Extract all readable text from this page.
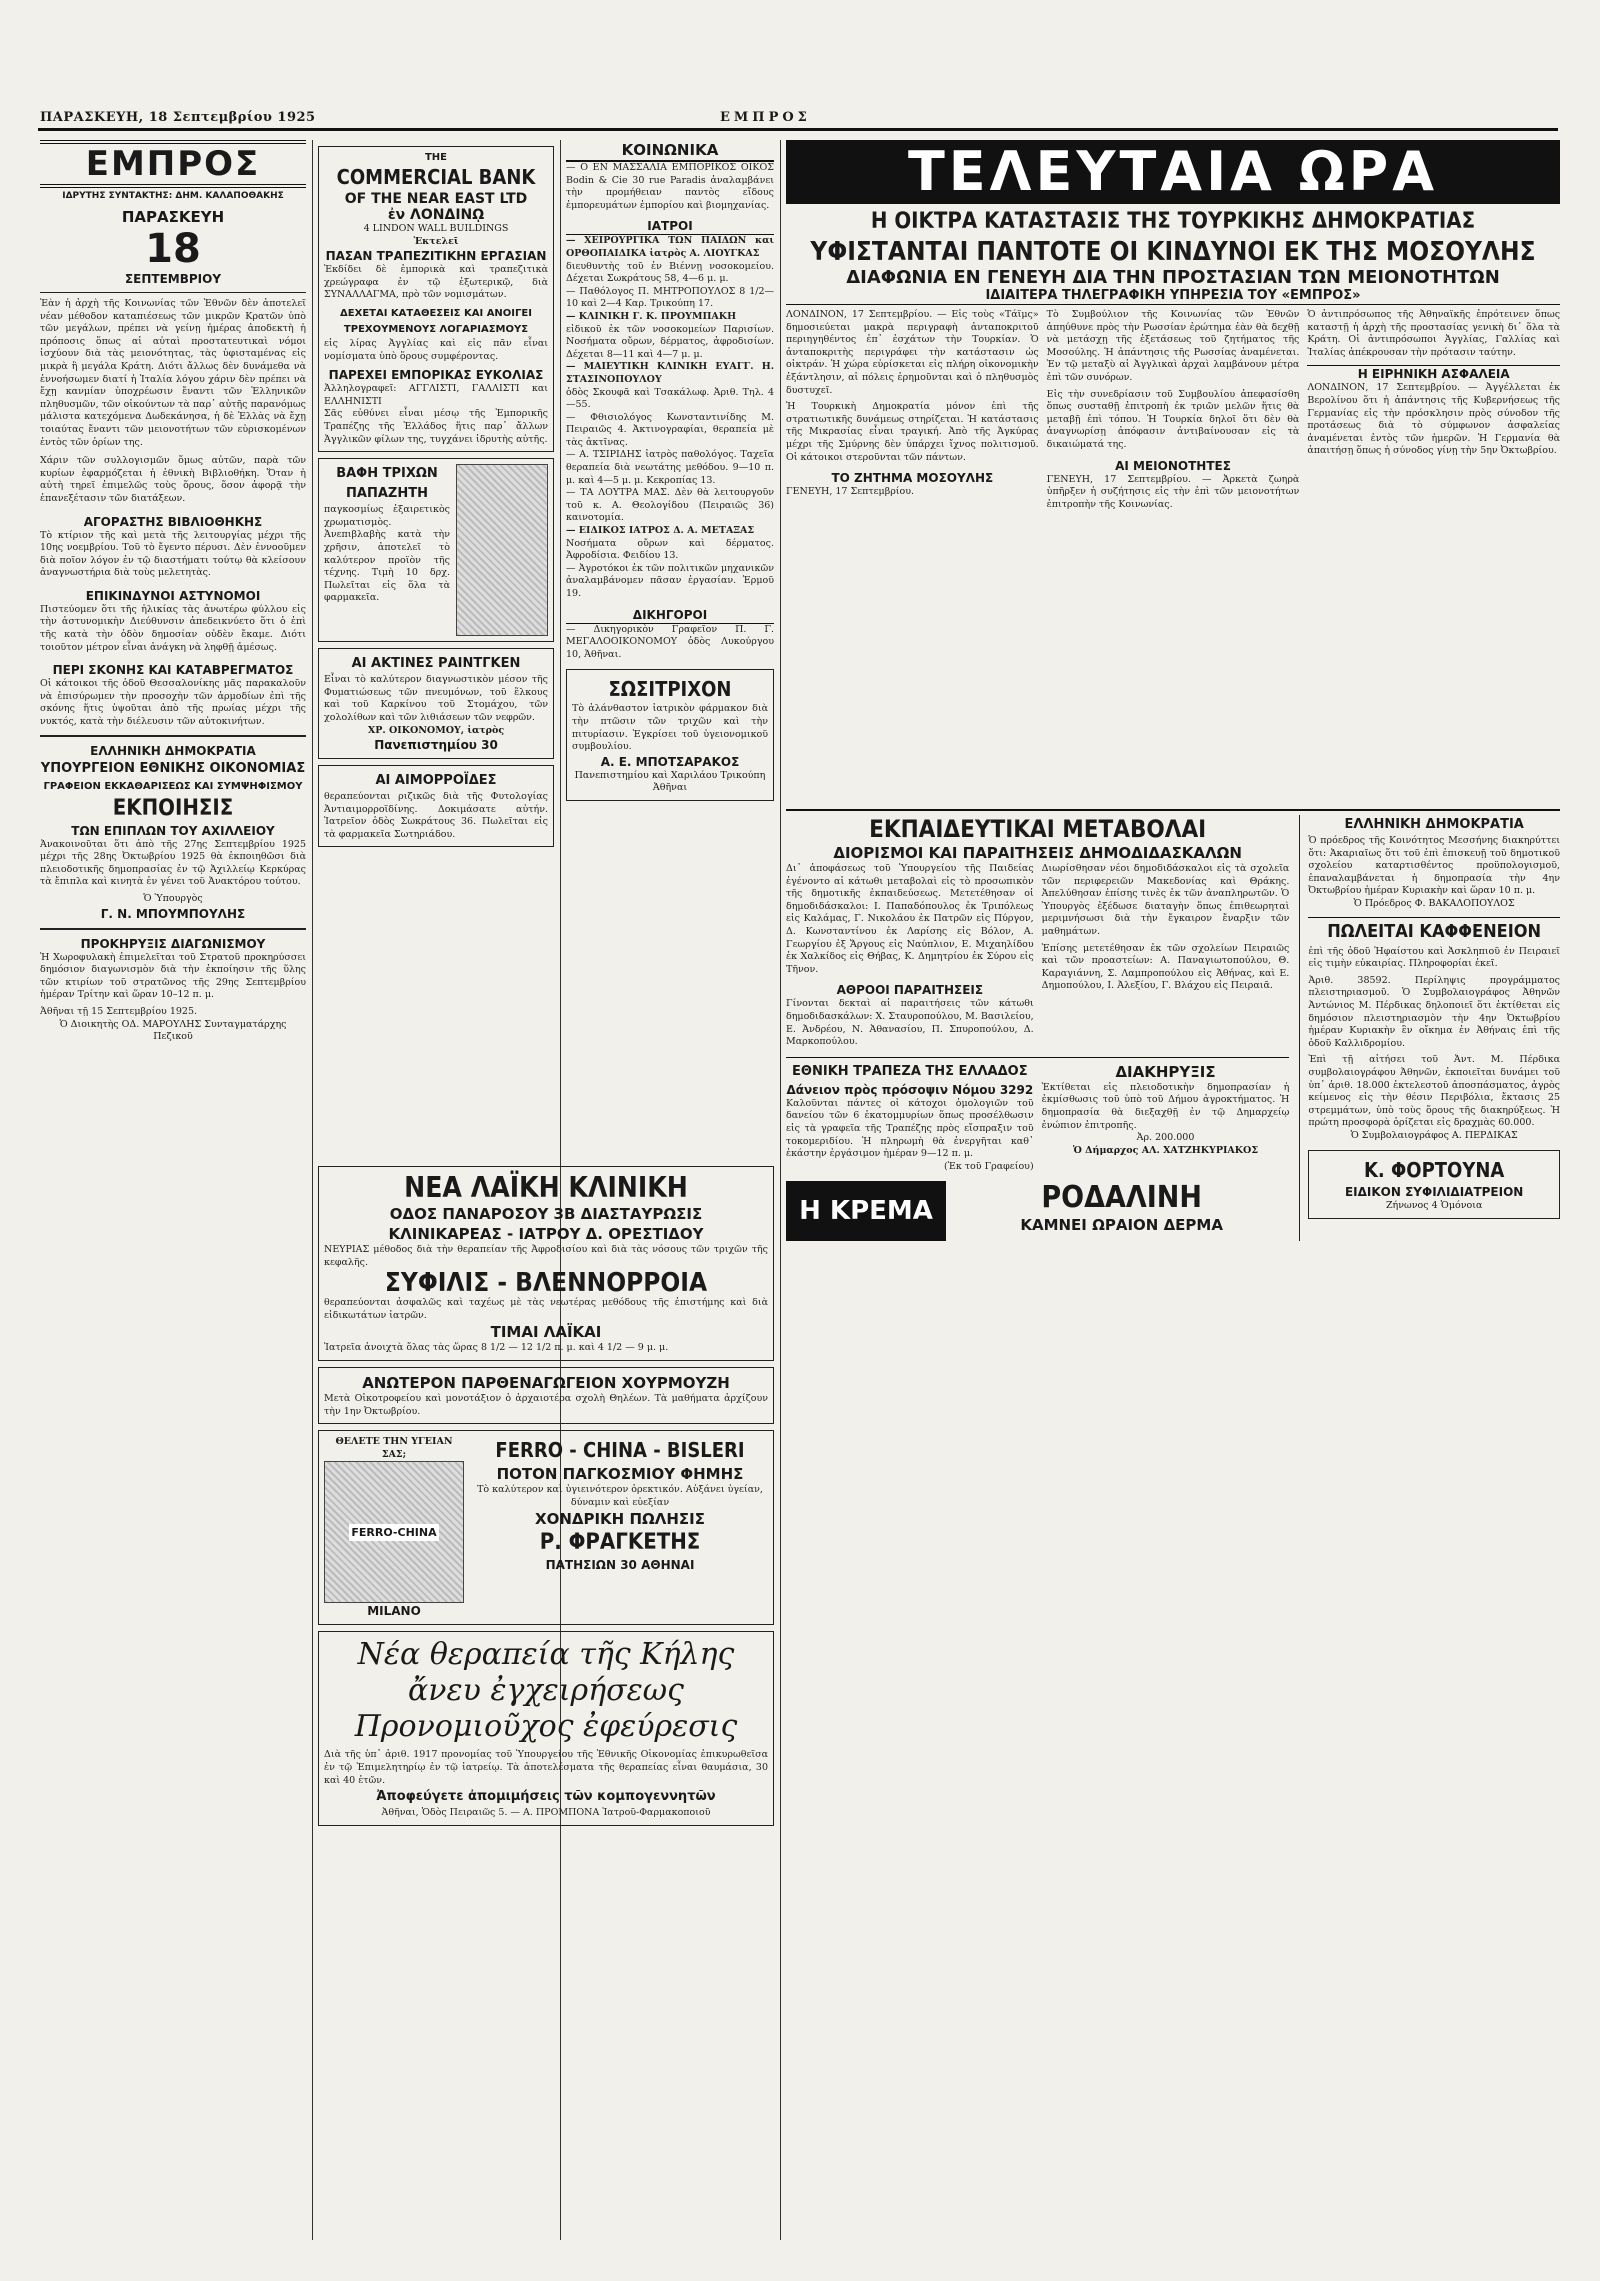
ΠΑΡΑΣΚΕΥΗ, 18 Σεπτεμβρίου 1925	ΕΜΠΡΟΣ
ΕΜΠΡΟΣ
ΙΔΡΥΤΗΣ ΣΥΝΤΑΚΤΗΣ: ΔΗΜ. ΚΑΛΑΠΟΘΑΚΗΣ
ΠΑΡΑΣΚΕΥΗ
18
ΣΕΠΤΕΜΒΡΙΟΥ
Ἐὰν ἡ ἀρχὴ τῆς Κοινωνίας τῶν Ἐθνῶν δὲν ἀποτελεῖ νέαν μέθοδον καταπιέσεως τῶν μικρῶν Κρατῶν ὑπὸ τῶν μεγάλων, πρέπει νὰ γείνῃ ἡμέρας ἀποδεκτὴ ἡ πρόποσις ὅπως αἱ αὐταὶ προστατευτικαὶ νόμοι ἰσχύουν διὰ τὰς μειονότητας, τὰς ὑφισταμένας εἰς μικρὰ ἢ μεγάλα Κράτη. Διότι ἄλλως δὲν δυνάμεθα νὰ ἐννοήσωμεν διατί ἡ Ἰταλία λόγου χάριν δὲν πρέπει νὰ ἔχῃ κανμίαν ὑποχρέωσιν ἔναντι τῶν Ἑλληνικῶν πληθυσμῶν, τῶν οἰκούντων τὰ παρ᾽ αὐτῆς παρανόμως μάλιστα κατεχόμενα Δωδεκάνησα, ἡ δὲ Ἑλλὰς νὰ ἔχῃ τοιαύτας ἔναντι τῶν μειονοτήτων τῶν εὑρισκομένων ἐντὸς τῶν ὁρίων της.
Χάριν τῶν συλλογισμῶν ὅμως αὐτῶν, παρὰ τῶν κυρίων ἐφαρμόζεται ἡ ἐθνικὴ Βιβλιοθήκη. Ὅταν ἡ αὐτὴ τηρεῖ ἐπιμελῶς τοὺς ὅρους, ὅσον ἀφορᾷ τὴν ἐπανεξέτασιν τῶν διατάξεων.
ΑΓΟΡΑΣΤΗΣ ΒΙΒΛΙΟΘΗΚΗΣ
Τὸ κτίριον τῆς καὶ μετὰ τῆς λειτουργίας μέχρι τῆς 10ης νοεμβρίου. Τοῦ τὸ ἔγεντο πέρυσι. Δὲν ἐννοοῦμεν διὰ ποῖον λόγον ἐν τῷ διαστήματι τούτῳ θὰ κλείσουν ἀναγνωστήρια διὰ τοὺς μελετητὰς.
ΕΠΙΚΙΝΔΥΝΟΙ ΑΣΤΥΝΟΜΟΙ
Πιστεύομεν ὅτι τῆς ἡλικίας τὰς ἀνωτέρω φύλλου εἰς τὴν ἀστυνομικὴν Διεύθυνσιν ἀπεδεικνύετο ὅτι ὁ ἐπὶ τῆς κατὰ τὴν ὁδὸν δημοσίαν οὐδὲν ἔκαμε. Διότι τοιοῦτον μέτρον εἶναι ἀνάγκη νὰ ληφθῇ ἀμέσως.
ΠΕΡΙ ΣΚΟΝΗΣ ΚΑΙ ΚΑΤΑΒΡΕΓΜΑΤΟΣ
Οἱ κάτοικοι τῆς ὁδοῦ Θεσσαλονίκης μᾶς παρακαλοῦν νὰ ἐπισύρωμεν τὴν προσοχὴν τῶν ἁρμοδίων ἐπὶ τῆς σκόνης ἥτις ὑψοῦται ἀπὸ τῆς πρωίας μέχρι τῆς νυκτός, κατὰ τὴν διέλευσιν τῶν αὐτοκινήτων.
ΕΛΛΗΝΙΚΗ ΔΗΜΟΚΡΑΤΙΑ
ΥΠΟΥΡΓΕΙΟΝ ΕΘΝΙΚΗΣ ΟΙΚΟΝΟΜΙΑΣ
ΓΡΑΦΕΙΟΝ ΕΚΚΑΘΑΡΙΣΕΩΣ ΚΑΙ ΣΥΜΨΗΦΙΣΜΟΥ
ΕΚΠΟΙΗΣΙΣ
ΤΩΝ ΕΠΙΠΛΩΝ ΤΟΥ ΑΧΙΛΛΕΙΟΥ
Ἀνακοινοῦται ὅτι ἀπὸ τῆς 27ης Σεπτεμβρίου 1925 μέχρι τῆς 28ης Ὀκτωβρίου 1925 θὰ ἐκποιηθῶσι διὰ πλειοδοτικῆς δημοπρασίας ἐν τῷ Ἀχιλλείῳ Κερκύρας τὰ ἔπιπλα καὶ κινητὰ ἐν γένει τοῦ Ἀνακτόρου τούτου.
Ὁ Ὑπουργὸς
Γ. Ν. ΜΠΟΥΜΠΟΥΛΗΣ
ΠΡΟΚΗΡΥΞΙΣ ΔΙΑΓΩΝΙΣΜΟΥ
Ἡ Χωροφυλακὴ ἐπιμελεῖται τοῦ Στρατοῦ προκηρύσσει δημόσιον διαγωνισμὸν διὰ τὴν ἐκποίησιν τῆς ὕλης τῶν κτιρίων τοῦ στρατῶνος τῆς 29ης Σεπτεμβρίου ἡμέραν Τρίτην καὶ ὥραν 10–12 π. μ.
Ἀθῆναι τῇ 15 Σεπτεμβρίου 1925.
Ὁ Διοικητὴς ΟΔ. ΜΑΡΟΥΛΗΣ Συνταγματάρχης Πεζικοῦ
THE
COMMERCIAL BANK
OF THE NEAR EAST LTD
ἐν ΛΟΝΔΙΝῼ
4 LINDON WALL BUILDINGS
Ἐκτελεῖ
ΠΑΣΑΝ ΤΡΑΠΕΖΙΤΙΚΗΝ ΕΡΓΑΣΙΑΝ
Ἐκδίδει δὲ ἐμπορικὰ καὶ τραπεζιτικὰ χρεώγραφα ἐν τῷ ἐξωτερικῷ, διὰ ΣΥΝΑΛΛΑΓΜΑ, πρὸ τῶν νομισμάτων.
ΔΕΧΕΤΑΙ ΚΑΤΑΘΕΣΕΙΣ ΚΑΙ ΑΝΟΙΓΕΙ ΤΡΕΧΟΥΜΕΝΟΥΣ ΛΟΓΑΡΙΑΣΜΟΥΣ
εἰς λίρας Ἀγγλίας καὶ εἰς πᾶν εἶναι νομίσματα ὑπὸ ὅρους συμφέροντας.
ΠΑΡΕΧΕΙ ΕΜΠΟΡΙΚΑΣ ΕΥΚΟΛΙΑΣ
Ἀλληλογραφεῖ: ΑΓΓΛΙΣΤΙ, ΓΑΛΛΙΣΤΙ και ΕΛΛΗΝΙΣΤΙ
Σᾶς εὐθύνει εἶναι μέσῳ τῆς Ἐμπορικῆς Τραπέζης τῆς Ἑλλάδος ἥτις παρ᾽ ἄλλων Ἀγγλικῶν φίλων της, τυγχάνει ἰδρυτὴς αὐτῆς.
ΒΑΦΗ ΤΡΙΧΩΝ ΠΑΠΑΖΗΤΗ
παγκοσμίως ἐξαιρετικὸς χρωματισμὸς. Ἀνεπιβλαβὴς κατὰ τὴν χρῆσιν, ἀποτελεῖ τὸ καλύτερον προϊὸν τῆς τέχνης. Τιμὴ 10 δρχ. Πωλεῖται εἰς ὅλα τὰ φαρμακεῖα.
ΑΙ ΑΚΤΙΝΕΣ ΡΑΙΝΤΓΚΕΝ
Εἶναι τὸ καλύτερον διαγνωστικὸν μέσον τῆς Φυματιώσεως τῶν πνευμόνων, τοῦ ἕλκους καὶ τοῦ Καρκίνου τοῦ Στομάχου, τῶν χολολίθων καὶ τῶν λιθιάσεων τῶν νεφρῶν.
ΧΡ. ΟΙΚΟΝΟΜΟΥ, ἰατρὸς
Πανεπιστημίου 30
ΑΙ ΑΙΜΟΡΡΟΪΔΕΣ
θεραπεύονται ριζικῶς διὰ τῆς Φυτολογίας Ἀντιαιμορροϊδίνης. Δοκιμάσατε αὐτήν. Ἰατρεῖον ὁδὸς Σωκράτους 36. Πωλεῖται εἰς τὰ φαρμακεῖα Σωτηριάδου.
ΚΟΙΝΩΝΙΚΑ
— Ο ΕΝ ΜΑΣΣΑΛΙΑ ΕΜΠΟΡΙΚΟΣ ΟΙΚΟΣ Bodin & Cie 30 rue Paradis ἀναλαμβάνει τὴν προμήθειαν παντὸς εἴδους ἐμπορευμάτων ἐμπορίου καὶ βιομηχανίας.
ΙΑΤΡΟΙ
— ΧΕΙΡΟΥΡΓΙΚΑ ΤΩΝ ΠΑΙΔΩΝ και ΟΡΘΟΠΑΙΔΙΚΑ ἰατρὸς Α. ΛΙΟΥΓΚΑΣ
διευθυντὴς τοῦ ἐν Βιέννῃ νοσοκομείου. Δέχεται Σωκράτους 58, 4—6 μ. μ.
— Παθόλογος Π. ΜΗΤΡΟΠΟΥΛΟΣ 8 1/2—10 καὶ 2—4 Καρ. Τρικούπη 17.
— ΚΛΙΝΙΚΗ Γ. Κ. ΠΡΟΥΜΠΑΚΗ
εἰδικοῦ ἐκ τῶν νοσοκομείων Παρισίων. Νοσήματα οὔρων, δέρματος, ἀφροδισίων. Δέχεται 8—11 καὶ 4—7 μ. μ.
— ΜΑΙΕΥΤΙΚΗ ΚΛΙΝΙΚΗ ΕΥΑΓΓ. Η. ΣΤΑΣΙΝΟΠΟΥΛΟΥ
ὁδὸς Σκουφᾶ καὶ Τσακάλωφ. Ἀριθ. Τηλ. 4—55.
— Φθισιολόγος Κωνσταντινίδης Μ. Πειραιῶς 4. Ἀκτινογραφίαι, θεραπεία μὲ τὰς ἀκτῖνας.
— Α. ΤΣΙΡΙΔΗΣ ἰατρὸς παθολόγος. Ταχεῖα θεραπεία διὰ νεωτάτης μεθόδου. 9—10 π. μ. καὶ 4—5 μ. μ. Κεκροπίας 13.
— ΤΑ ΛΟΥΤΡΑ ΜΑΣ. Δὲν θὰ λειτουργοῦν τοῦ κ. Α. Θεολογίδου (Πειραιῶς 36) καινοτομία.
— ΕΙΔΙΚΟΣ ΙΑΤΡΟΣ Δ. Α. ΜΕΤΑΞΑΣ
Νοσήματα οὔρων καὶ δέρματος. Ἀφροδίσια. Φειδίου 13.
— Ἀγροτόκοι ἐκ τῶν πολιτικῶν μηχανικῶν ἀναλαμβάνομεν πᾶσαν ἐργασίαν. Ἑρμοῦ 19.
ΔΙΚΗΓΟΡΟΙ
— Δικηγορικὸν Γραφεῖον Π. Γ. ΜΕΓΑΛΟΟΙΚΟΝΟΜΟΥ ὁδὸς Λυκούργου 10, Ἀθῆναι.
ΣΩΣΙΤΡΙΧΟΝ
Τὸ ἀλάνθαστον ἰατρικὸν φάρμακον διὰ τὴν πτῶσιν τῶν τριχῶν καὶ τὴν πιτυρίασιν. Ἐγκρίσει τοῦ ὑγειονομικοῦ συμβουλίου.
Α. Ε. ΜΠΟΤΣΑΡΑΚΟΣ
Πανεπιστημίου καὶ Χαριλάου Τρικούπη Ἀθῆναι
ΝΕΑ ΛΑΪΚΗ ΚΛΙΝΙΚΗ
ΟΔΟΣ ΠΑΝΑΡΟΣΟΥ 3Β ΔΙΑΣΤΑΥΡΩΣΙΣ
ΚΛΙΝΙΚΑΡΕΑΣ - ΙΑΤΡΟΥ Δ. ΟΡΕΣΤΙΔΟΥ
ΝΕΥΡΙΑΣ μέθοδος διὰ τὴν θεραπείαν τῆς Ἀφροδισίου καὶ διὰ τὰς νόσους τῶν τριχῶν τῆς κεφαλῆς.
ΣΥΦΙΛΙΣ - ΒΛΕΝΝΟΡΡΟΙΑ
θεραπεύονται ἀσφαλῶς καὶ ταχέως μὲ τὰς νεωτέρας μεθόδους τῆς ἐπιστήμης καὶ διὰ εἰδικωτάτων ἰατρῶν.
ΤΙΜΑΙ ΛΑΪΚΑΙ
Ἰατρεῖα ἀνοιχτὰ ὅλας τὰς ὥρας 8 1/2 — 12 1/2 π. μ. καὶ 4 1/2 — 9 μ. μ.
ΑΝΩΤΕΡΟΝ ΠΑΡΘΕΝΑΓΩΓΕΙΟΝ ΧΟΥΡΜΟΥΖΗ
Μετὰ Οἰκοτροφείου καὶ μονοτάξιον ὁ ἀρχαιοτέρα σχολὴ Θηλέων. Τὰ μαθήματα ἀρχίζουν τὴν 1ην Ὀκτωβρίου.
ΘΕΛΕΤΕ ΤΗΝ ΥΓΕΙΑΝ ΣΑΣ;
FERRO-CHINA
MILANO
FERRO - CHINA - BISLERI
ΠΟΤΟΝ ΠΑΓΚΟΣΜΙΟΥ ΦΗΜΗΣ
Τὸ καλύτερον καὶ ὑγιεινότερον ὀρεκτικόν. Αὐξάνει ὑγείαν, δύναμιν καὶ εὐεξίαν
ΧΟΝΔΡΙΚΗ ΠΩΛΗΣΙΣ
Ρ. ΦΡΑΓΚΕΤΗΣ
ΠΑΤΗΣΙΩΝ 30 ΑΘΗΝΑΙ
Νέα θεραπεία τῆς Κήλης
ἄνευ ἐγχειρήσεως
Προνομιοῦχος ἐφεύρεσις
Διὰ τῆς ὑπ᾽ ἀριθ. 1917 προνομίας τοῦ Ὑπουργείου τῆς Ἐθνικῆς Οἰκονομίας ἐπικυρωθεῖσα ἐν τῷ Ἐπιμελητηρίῳ ἐν τῷ ἰατρείῳ. Τὰ ἀποτελέσματα τῆς θεραπείας εἶναι θαυμάσια, 30 καὶ 40 ἐτῶν.
Ἀποφεύγετε ἀπομιμήσεις τῶν κομπογεννητῶν
Ἀθῆναι, Ὁδὸς Πειραιῶς 5. — Α. ΠΡΟΜΠΟΝΑ Ἰατροῦ-Φαρμακοποιοῦ
ΤΕΛΕΥΤΑΙΑ ΩΡΑ
Η ΟΙΚΤΡΑ ΚΑΤΑΣΤΑΣΙΣ ΤΗΣ ΤΟΥΡΚΙΚΗΣ ΔΗΜΟΚΡΑΤΙΑΣ
ΥΦΙΣΤΑΝΤΑΙ ΠΑΝΤΟΤΕ ΟΙ ΚΙΝΔΥΝΟΙ ΕΚ ΤΗΣ ΜΟΣΟΥΛΗΣ
ΔΙΑΦΩΝΙΑ ΕΝ ΓΕΝΕΥΗ ΔΙΑ ΤΗΝ ΠΡΟΣΤΑΣΙΑΝ ΤΩΝ ΜΕΙΟΝΟΤΗΤΩΝ
ΙΔΙΑΙΤΕΡΑ ΤΗΛΕΓΡΑΦΙΚΗ ΥΠΗΡΕΣΙΑ ΤΟΥ «ΕΜΠΡΟΣ»
ΛΟΝΔΙΝΟΝ, 17 Σεπτεμβρίου. — Εἰς τοὺς «Τάϊμς» δημοσιεύεται μακρὰ περιγραφὴ ἀνταποκριτοῦ περιηγηθέντος ἐπ᾽ ἐσχάτων τὴν Τουρκίαν. Ὁ ἀνταποκριτὴς περιγράφει τὴν κατάστασιν ὡς οἰκτράν. Ἡ χώρα εὑρίσκεται εἰς πλήρη οἰκονομικὴν ἐξάντλησιν, αἱ πόλεις ἐρημοῦνται καὶ ὁ πληθυσμὸς δυστυχεῖ.
Ἡ Τουρκικὴ Δημοκρατία μόνον ἐπὶ τῆς στρατιωτικῆς δυνάμεως στηρίζεται. Ἡ κατάστασις τῆς Μικρασίας εἶναι τραγική. Ἀπὸ τῆς Ἀγκύρας μέχρι τῆς Σμύρνης δὲν ὑπάρχει ἴχνος πολιτισμοῦ. Οἱ κάτοικοι στεροῦνται τῶν πάντων.
ΤΟ ΖΗΤΗΜΑ ΜΟΣΟΥΛΗΣ
ΓΕΝΕΥΗ, 17 Σεπτεμβρίου.
Τὸ Συμβούλιον τῆς Κοινωνίας τῶν Ἐθνῶν ἀπηύθυνε πρὸς τὴν Ρωσσίαν ἐρώτημα ἐὰν θὰ δεχθῇ νὰ μετάσχῃ τῆς ἐξετάσεως τοῦ ζητήματος τῆς Μοσούλης. Ἡ ἀπάντησις τῆς Ρωσσίας ἀναμένεται. Ἐν τῷ μεταξὺ αἱ Ἀγγλικαὶ ἀρχαὶ λαμβάνουν μέτρα ἐπὶ τῶν συνόρων.
Εἰς τὴν συνεδρίασιν τοῦ Συμβουλίου ἀπεφασίσθη ὅπως συσταθῇ ἐπιτροπὴ ἐκ τριῶν μελῶν ἥτις θὰ μεταβῇ ἐπὶ τόπου. Ἡ Τουρκία δηλοῖ ὅτι δὲν θὰ ἀναγνωρίσῃ ἀπόφασιν ἀντιβαίνουσαν εἰς τὰ δικαιώματά της.
ΑΙ ΜΕΙΟΝΟΤΗΤΕΣ
ΓΕΝΕΥΗ, 17 Σεπτεμβρίου. — Ἀρκετὰ ζωηρὰ ὑπῆρξεν ἡ συζήτησις εἰς τὴν ἐπὶ τῶν μειονοτήτων ἐπιτροπὴν τῆς Κοινωνίας.
Ὁ ἀντιπρόσωπος τῆς Ἀθηναϊκῆς ἐπρότεινεν ὅπως καταστῇ ἡ ἀρχὴ τῆς προστασίας γενικὴ δι᾽ ὅλα τὰ Κράτη. Οἱ ἀντιπρόσωποι Ἀγγλίας, Γαλλίας καὶ Ἰταλίας ἀπέκρουσαν τὴν πρότασιν ταύτην.
Η ΕΙΡΗΝΙΚΗ ΑΣΦΑΛΕΙΑ
ΛΟΝΔΙΝΟΝ, 17 Σεπτεμβρίου. — Ἀγγέλλεται ἐκ Βερολίνου ὅτι ἡ ἀπάντησις τῆς Κυβερνήσεως τῆς Γερμανίας εἰς τὴν πρόσκλησιν πρὸς σύνοδον τῆς προτάσεως διὰ τὸ σύμφωνον ἀσφαλείας ἀναμένεται ἐντὸς τῶν ἡμερῶν. Ἡ Γερμανία θὰ ἀπαιτήσῃ ὅπως ἡ σύνοδος γίνῃ τὴν 5ην Ὀκτωβρίου.
ΕΚΠΑΙΔΕΥΤΙΚΑΙ ΜΕΤΑΒΟΛΑΙ
ΔΙΟΡΙΣΜΟΙ ΚΑΙ ΠΑΡΑΙΤΗΣΕΙΣ ΔΗΜΟΔΙΔΑΣΚΑΛΩΝ
Δι᾽ ἀποφάσεως τοῦ Ὑπουργείου τῆς Παιδείας ἐγένοντο αἱ κάτωθι μεταβολαὶ εἰς τὸ προσωπικὸν τῆς δημοτικῆς ἐκπαιδεύσεως. Μετετέθησαν οἱ δημοδιδάσκαλοι: Ι. Παπαδόπουλος ἐκ Τριπόλεως εἰς Καλάμας, Γ. Νικολάου ἐκ Πατρῶν εἰς Πύργον, Δ. Κωνσταντίνου ἐκ Λαρίσης εἰς Βόλον, Α. Γεωργίου ἐξ Ἄργους εἰς Ναύπλιον, Ε. Μιχαηλίδου ἐκ Χαλκίδος εἰς Θήβας, Κ. Δημητρίου ἐκ Σύρου εἰς Τῆνον.
ΑΘΡΟΟΙ ΠΑΡΑΙΤΗΣΕΙΣ
Γίνονται δεκταὶ αἱ παραιτήσεις τῶν κάτωθι δημοδιδασκάλων: Χ. Σταυροπούλου, Μ. Βασιλείου, Ε. Ἀνδρέου, Ν. Ἀθανασίου, Π. Σπυροπούλου, Δ. Μαρκοπούλου.
Διωρίσθησαν νέοι δημοδιδάσκαλοι εἰς τὰ σχολεῖα τῶν περιφερειῶν Μακεδονίας καὶ Θράκης. Ἀπελύθησαν ἐπίσης τινὲς ἐκ τῶν ἀναπληρωτῶν. Ὁ Ὑπουργὸς ἐξέδωσε διαταγὴν ὅπως ἐπιθεωρηταὶ μεριμνήσωσι διὰ τὴν ἔγκαιρον ἔναρξιν τῶν μαθημάτων.
Ἐπίσης μετετέθησαν ἐκ τῶν σχολείων Πειραιῶς καὶ τῶν προαστείων: Α. Παναγιωτοπούλου, Θ. Καραγιάννη, Σ. Λαμπροπούλου εἰς Ἀθήνας, καὶ Ε. Δημοπούλου, Ι. Ἀλεξίου, Γ. Βλάχου εἰς Πειραιᾶ.
ΕΘΝΙΚΗ ΤΡΑΠΕΖΑ ΤΗΣ ΕΛΛΑΔΟΣ
Δάνειον πρὸς πρόσοψιν Νόμου 3292
Καλοῦνται πάντες οἱ κάτοχοι ὁμολογιῶν τοῦ δανείου τῶν 6 ἑκατομμυρίων ὅπως προσέλθωσιν εἰς τὰ γραφεῖα τῆς Τραπέζης πρὸς εἴσπραξιν τοῦ τοκομεριδίου. Ἡ πληρωμὴ θὰ ἐνεργῆται καθ᾽ ἑκάστην ἐργάσιμον ἡμέραν 9—12 π. μ.
(Ἐκ τοῦ Γραφείου)
ΔΙΑΚΗΡΥΞΙΣ
Ἐκτίθεται εἰς πλειοδοτικὴν δημοπρασίαν ἡ ἐκμίσθωσις τοῦ ὑπὸ τοῦ Δήμου ἀγροκτήματος. Ἡ δημοπρασία θὰ διεξαχθῇ ἐν τῷ Δημαρχείῳ ἐνώπιον ἐπιτροπῆς.
Ἀρ. 200.000
Ὁ Δήμαρχος ΑΛ. ΧΑΤΖΗΚΥΡΙΑΚΟΣ
Η ΚΡΕΜΑ	ΡΟΔΑΛΙΝΗ
ΚΑΜΝΕΙ ΩΡΑΙΟΝ ΔΕΡΜΑ
ΕΛΛΗΝΙΚΗ ΔΗΜΟΚΡΑΤΙΑ
Ὁ πρόεδρος τῆς Κοινότητος Μεσσήνης διακηρύττει ὅτι: Ἀκαριαῖως ὅτι τοῦ ἐπὶ ἐπισκευῇ τοῦ δημοτικοῦ σχολείου καταρτισθέντος προϋπολογισμοῦ, ἐπαναλαμβάνεται ἡ δημοπρασία τὴν 4ην Ὀκτωβρίου ἡμέραν Κυριακὴν καὶ ὥραν 10 π. μ.
Ὁ Πρόεδρος Φ. ΒΑΚΑΛΟΠΟΥΛΟΣ
ΠΩΛΕΙΤΑΙ ΚΑΦΦΕΝΕΙΟΝ
ἐπὶ τῆς ὁδοῦ Ἡφαίστου καὶ Ἀσκληπιοῦ ἐν Πειραιεῖ εἰς τιμὴν εὐκαιρίας. Πληροφορίαι ἐκεῖ.
Ἀριθ. 38592. Περίληψις προγράμματος πλειστηριασμοῦ. Ὁ Συμβολαιογράφος Ἀθηνῶν Ἀντώνιος Μ. Πέρδικας δηλοποιεῖ ὅτι ἐκτίθεται εἰς δημόσιον πλειστηριασμὸν τὴν 4ην Ὀκτωβρίου ἡμέραν Κυριακὴν ἓν οἴκημα ἐν Ἀθήναις ἐπὶ τῆς ὁδοῦ Καλλιδρομίου.
Ἐπὶ τῇ αἰτήσει τοῦ Ἀντ. Μ. Πέρδικα συμβολαιογράφου Ἀθηνῶν, ἐκποιεῖται δυνάμει τοῦ ὑπ᾽ ἀριθ. 18.000 ἐκτελεστοῦ ἀποσπάσματος, ἀγρὸς κείμενος εἰς τὴν θέσιν Περιβόλια, ἔκτασις 25 στρεμμάτων, ὑπὸ τοὺς ὅρους τῆς διακηρύξεως. Ἡ πρώτη προσφορὰ ὁρίζεται εἰς δραχμὰς 60.000.
Ὁ Συμβολαιογράφος Α. ΠΕΡΔΙΚΑΣ
Κ. ΦΟΡΤΟΥΝΑ
ΕΙΔΙΚΟΝ ΣΥΦΙΛΙΔΙΑΤΡΕΙΟΝ
Ζήνωνος 4 Ὁμόνοια
